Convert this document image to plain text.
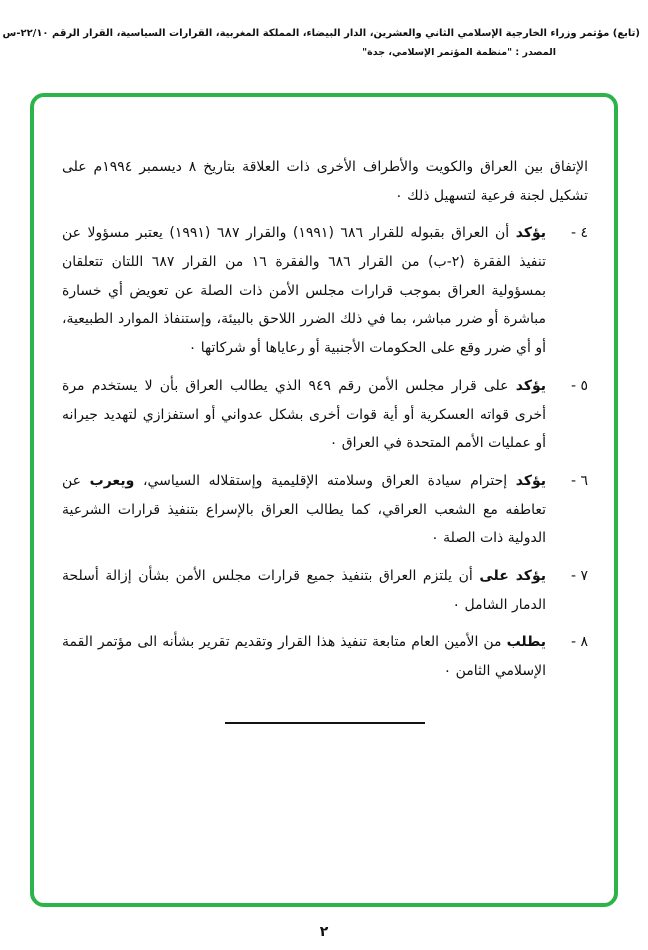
(تابع) مؤتمر وزراء الخارجية الإسلامي الثاني والعشرين، الدار البيضاء، المملكة المغربية، القرارات السياسية، القرار الرقم ٢٢/١٠-س
المصدر : "منظمة المؤتمر الإسلامي، جدة"

الإتفاق بين العراق والكويت والأطراف الأخرى ذات العلاقة بتاريخ ٨ ديسمبر ١٩٩٤م على تشكيل لجنة فرعية لتسهيل ذلك ٠

٤ -
يؤكد أن العراق بقبوله للقرار ٦٨٦ (١٩٩١) والقرار ٦٨٧ (١٩٩١) يعتبر مسؤولا عن تنفيذ الفقرة (٢-ب) من القرار ٦٨٦ والفقرة ١٦ من القرار ٦٨٧ اللتان تتعلقان بمسؤولية العراق بموجب قرارات مجلس الأمن ذات الصلة عن تعويض أي خسارة مباشرة أو ضرر مباشر، بما في ذلك الضرر اللاحق بالبيئة، وإستنفاذ الموارد الطبيعية، أو أي ضرر وقع على الحكومات الأجنبية أو رعاياها أو شركاتها ٠
٥ -
يؤكد على قرار مجلس الأمن رقم ٩٤٩ الذي يطالب العراق بأن لا يستخدم مرة أخرى قواته العسكرية أو أية قوات أخرى بشكل عدواني أو استفزازي لتهديد جيرانه أو عمليات الأمم المتحدة في العراق ٠
٦ -
يؤكد إحترام سيادة العراق وسلامته الإقليمية وإستقلاله السياسي، ويعرب عن تعاطفه مع الشعب العراقي، كما يطالب العراق بالإسراع بتنفيذ قرارات الشرعية الدولية ذات الصلة ٠
٧ -
يؤكد على أن يلتزم العراق بتنفيذ جميع قرارات مجلس الأمن بشأن إزالة أسلحة الدمار الشامل ٠
٨ -
يطلب من الأمين العام متابعة تنفيذ هذا القرار وتقديم تقرير بشأنه الى مؤتمر القمة الإسلامي الثامن ٠
٢
